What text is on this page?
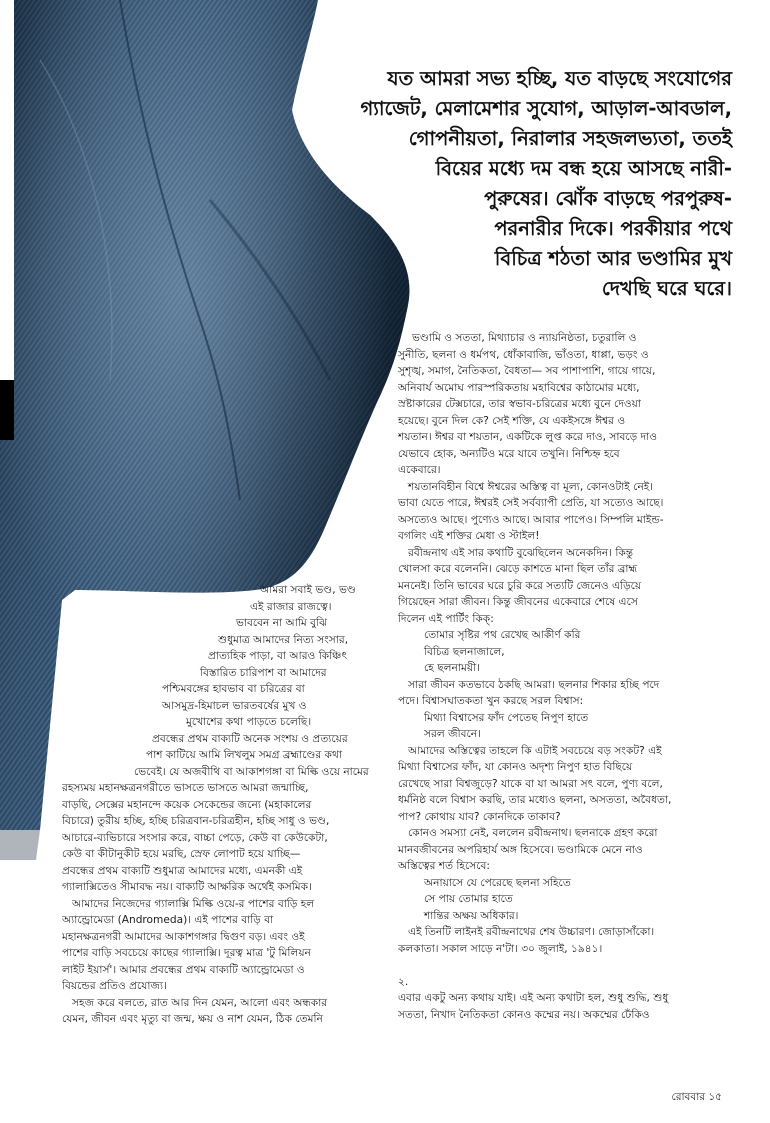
যত আমরা সভ্য হচ্ছি, যত বাড়ছে সংযোগের
গ্যাজেট, মেলামেশার সুযোগ, আড়াল-আবডাল,
গোপনীয়তা, নিরালার সহজলভ্যতা, ততই
বিয়ের মধ্যে দম বন্ধ হয়ে আসছে নারী-
পুরুষের। ঝোঁক বাড়ছে পরপুরুষ-
পরনারীর দিকে। পরকীয়ার পথে
বিচিত্র শঠতা আর ভণ্ডামির মুখ
দেখছি ঘরে ঘরে।
ভণ্ডামি ও সততা, মিথ্যাচার ও ন্যায়নিষ্ঠতা, চতুরালি ও
সুনীতি, ছলনা ও ধর্মপথ, ধোঁকাবাজি, ভাঁওতা, ধাপ্পা, ভড়ং ও
সুশৃঙ্খ, সমাগ, নৈতিকতা, বৈধতা— সব পাশাপাশি, গায়ে গায়ে,
অনিবার্য অমোঘ পারস্পরিকতায় মহাবিশ্বের কাঠামোর মধ্যে,
স্রষ্টাকারের টেক্সচারে, তার স্বভাব-চরিত্রের মধ্যে বুনে দেওয়া
হয়েছে। বুনে দিল কে? সেই শক্তি, যে একইসঙ্গে ঈশ্বর ও
শয়তান। ঈশ্বর বা শয়তান, একটিকে লুপ্ত করে দাও, সাবড়ে দাও
যেভাবে হোক, অন্যটিও মরে যাবে তখুনি। নিশ্চিহ্ন হবে
একেবারে।
শয়তানবিহীন বিশ্বে ঈশ্বরের অস্তিত্ব বা মূল্য, কোনওটাই নেই।
ভাবা যেতে পারে, ঈশ্বরই সেই সর্বব্যাপী প্রেতি, যা সত্যেও আছে।
অসত্যেও আছে। পুণ্যেও আছে। আবার পাপেও। সিম্পলি মাইন্ড-
বগলিং এই শক্তির মেধা ও স্টাইল!
রবীন্দ্রনাথ এই সার কথাটি বুঝেছিলেন অনেকদিন। কিন্তু
খোলসা করে বলেননি। ঝেড়ে কাশতে মানা ছিল তাঁর ব্রাহ্ম
মননেই। তিনি ভাবের ঘরে চুরি করে সত্যটি জেনেও এড়িয়ে
গিয়েছেন সারা জীবন। কিন্তু জীবনের একেবারে শেষে এসে
দিলেন এই পার্টিং কিক্‌:
তোমার সৃষ্টির পথ রেখেছ আকীর্ণ করি
বিচিত্র ছলনাজালে,
হে ছলনাময়ী।
সারা জীবন কতভাবে ঠকছি আমরা। ছলনার শিকার হচ্ছি পদে
পদে। বিশ্বাসঘাতকতা খুন করছে সরল বিশ্বাস:
মিথ্যা বিশ্বাসের ফাঁদ পেতেছ নিপুণ হাতে
সরল জীবনে।
আমাদের অস্তিত্বের তাহলে কি এটাই সবচেয়ে বড় সংকট? এই
মিথ্যা বিশ্বাসের ফাঁদ, যা কোনও অদৃশ্য নিপুণ হাত বিছিয়ে
রেখেছে সারা বিশ্বজুড়ে? যাকে বা যা আমরা সৎ বলে, পুণ্য বলে,
ধর্মনিষ্ঠ বলে বিশ্বাস করছি, তার মধ্যেও ছলনা, অসততা, অবৈধতা,
পাপ? কোথায় যাব? কোনদিকে তাকাব?
কোনও সমস্যা নেই, বললেন রবীন্দ্রনাথ। ছলনাকে গ্রহণ করো
মানবজীবনের অপরিহার্য অঙ্গ হিসেবে। ভণ্ডামিকে মেনে নাও
অস্তিত্বের শর্ত হিসেবে:
অনায়াসে যে পেরেছে ছলনা সহিতে
সে পায় তোমার হাতে
শান্তির অক্ষয় অধিকার।
এই তিনটি লাইনই রবীন্দ্রনাথের শেষ উচ্চারণ। জোড়াসাঁকো।
কলকাতা। সকাল সাড়ে ন'টা। ৩০ জুলাই, ১৯৪১।

২.
এবার একটু অন্য কথায় যাই। এই অন্য কথাটা হল, শুধু শুদ্ধি, শুধু
সততা, নিখাদ নৈতিকতা কোনও কম্মের নয়। অকম্মের ঢেঁকিও
আমরা সবাই ভণ্ড, ভণ্ড
এই রাজার রাজত্বে।
ভাববেন না আমি বুঝি
শুধুমাত্র আমাদের নিত্য সংসার,
প্রাত্যহিক পাড়া, বা আরও কিঞ্চিৎ
বিস্তারিত চারিপাশ বা আমাদের
পশ্চিমবঙ্গের হাবভাব বা চরিত্রের বা
আসমুদ্র-হিমাচল ভারতবর্ষের মুখ ও
মুখোশের কথা পাড়তে চলেছি।
প্রবন্ধের প্রথম বাক্যটি অনেক সংশয় ও প্রত্যয়ের
পাশ কাটিয়ে আমি লিখলুম সমগ্র ব্রহ্মাণ্ডের কথা
ভেবেই। যে অজবীথি বা আকাশগঙ্গা বা মিল্কি ওয়ে নামের
রহস্যময় মহানক্ষত্রনগরীতে ভাসতে ভাসতে আমরা জন্মাচ্ছি,
বাড়ছি, সেক্সের মহানন্দে কয়েক সেকেন্ডের জন্যে (মহাকালের
বিচারে) তুরীয় হচ্ছি, হচ্ছি চরিত্রবান-চরিত্রহীন, হচ্ছি সাধু ও ভণ্ড,
আচারে-ব্যভিচারে সংসার করে, বাচ্চা পেড়ে, কেউ বা কেউকেটা,
কেউ বা কীটানুকীট হয়ে মরছি, স্রেফ লোপাট হয়ে যাচ্ছি—
প্রবন্ধের প্রথম বাক্যটি শুধুমাত্র আমাদের মধ্যে, এমনকী এই
গ্যালাক্সিতেও সীমাবদ্ধ নয়। বাক্যটি আক্ষরিক অর্থেই কসমিক।
আমাদের নিজেদের গ্যালাক্সি মিল্কি ওয়ে-র পাশের বাড়ি হল
অ্যান্ড্রোমেডা (Andromeda)। এই পাশের বাড়ি বা
মহানক্ষত্রনগরী আমাদের আকাশগঙ্গার দ্বিগুণ বড়। এবং ওই
পাশের বাড়ি সবচেয়ে কাছের গ্যালাক্সি। দূরত্ব মাত্র 'টু মিলিয়ন
লাইট ইয়ার্স'। আমার প্রবন্ধের প্রথম বাক্যটি অ্যান্ড্রোমেডা ও
বিয়ন্ডের প্রতিও প্রযোজ্য।
সহজ করে বলতে, রাত আর দিন যেমন, আলো এবং অন্ধকার
যেমন, জীবন এবং মৃত্যু বা জন্ম, ক্ষয় ও নাশ যেমন, ঠিক তেমনি
রোববার ১৫
